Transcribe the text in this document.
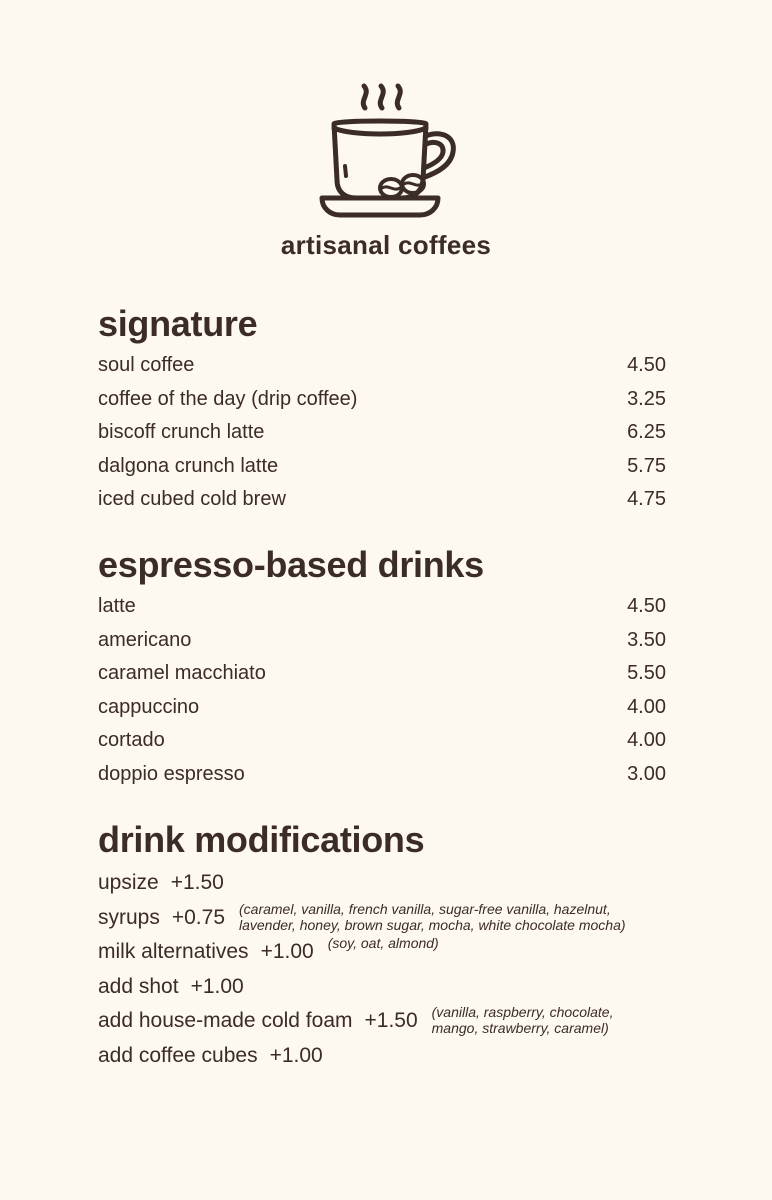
artisanal coffees
signature
soul coffee	4.50
coffee of the day (drip coffee)	3.25
biscoff crunch latte	6.25
dalgona crunch latte	5.75
iced cubed cold brew	4.75
espresso-based drinks
latte	4.50
americano	3.50
caramel macchiato	5.50
cappuccino	4.00
cortado	4.00
doppio espresso	3.00
drink modifications
upsize +1.50
syrups +0.75 (caramel, vanilla, french vanilla, sugar-free vanilla, hazelnut,
lavender, honey, brown sugar, mocha, white chocolate mocha)
milk alternatives +1.00 (soy, oat, almond)
add shot +1.00
add house-made cold foam +1.50 (vanilla, raspberry, chocolate,
mango, strawberry, caramel)
add coffee cubes +1.00
